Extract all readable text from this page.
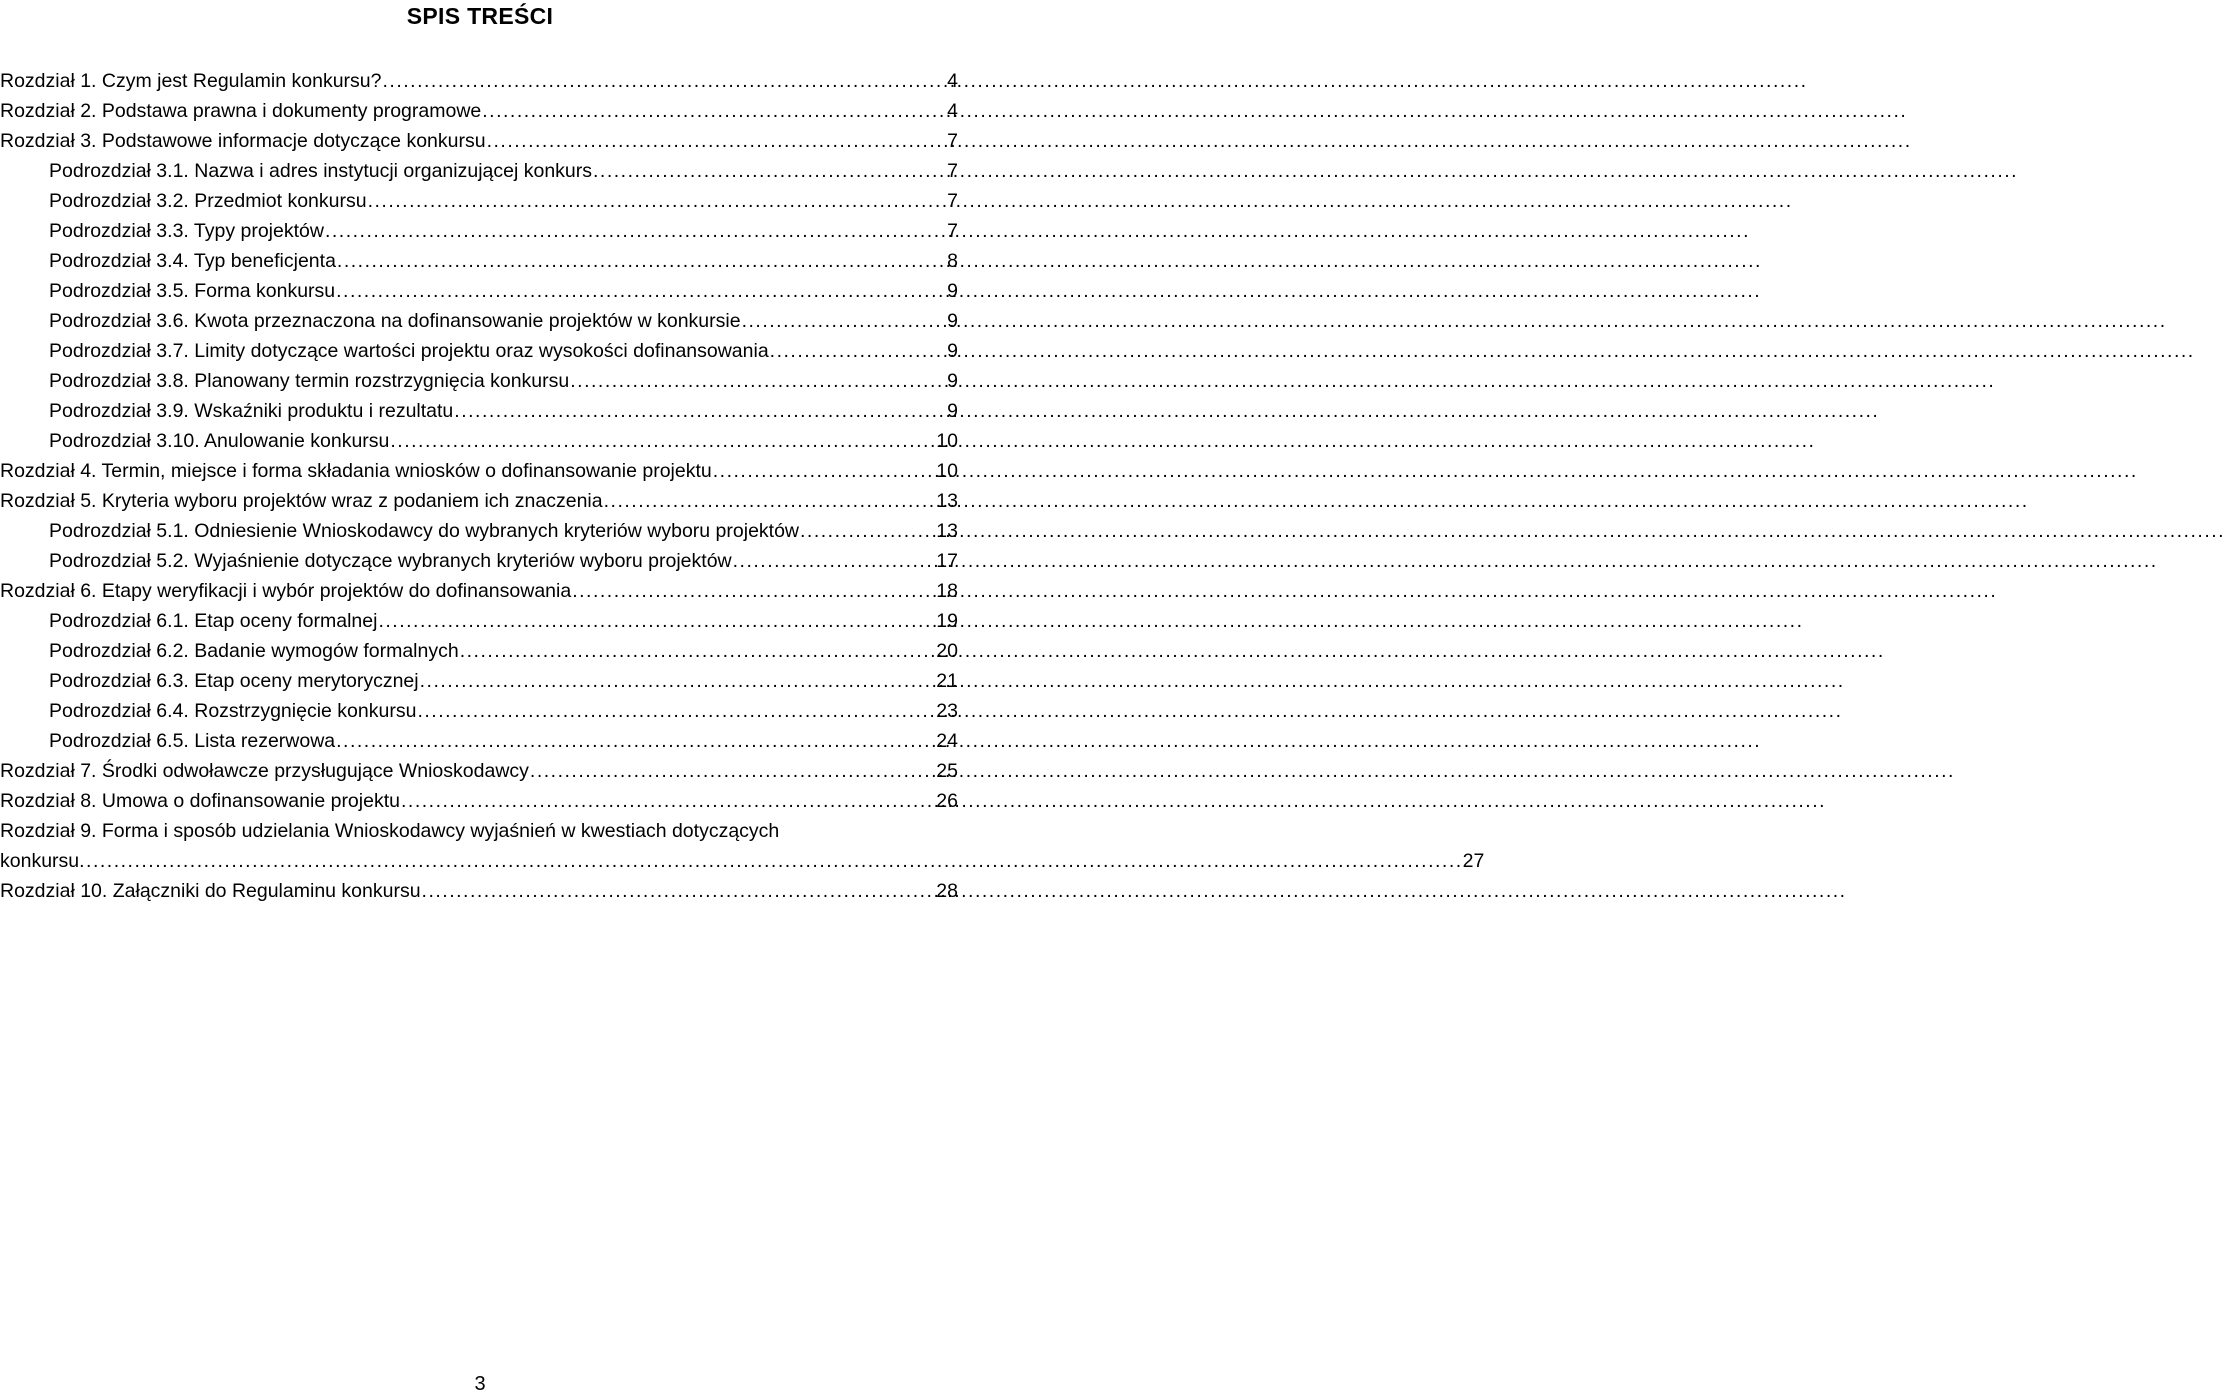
SPIS TREŚCI
Rozdział 1. Czym jest Regulamin konkursu? .....	4
Rozdział 2. Podstawa prawna i dokumenty programowe .....	4
Rozdział 3. Podstawowe informacje dotyczące konkursu .....	7
Podrozdział 3.1. Nazwa i adres instytucji organizującej konkurs .....	7
Podrozdział 3.2. Przedmiot konkursu .....	7
Podrozdział 3.3. Typy projektów .....	7
Podrozdział 3.4. Typ beneficjenta .....	8
Podrozdział 3.5. Forma konkursu .....	9
Podrozdział 3.6. Kwota przeznaczona na dofinansowanie projektów w konkursie .....	9
Podrozdział 3.7. Limity dotyczące wartości projektu oraz wysokości dofinansowania .....	9
Podrozdział 3.8. Planowany termin rozstrzygnięcia konkursu .....	9
Podrozdział 3.9. Wskaźniki produktu i rezultatu .....	9
Podrozdział 3.10. Anulowanie konkursu .....	10
Rozdział 4. Termin, miejsce i forma składania wniosków o dofinansowanie projektu .....	10
Rozdział 5. Kryteria wyboru projektów wraz z podaniem ich znaczenia .....	13
Podrozdział 5.1. Odniesienie Wnioskodawcy do wybranych kryteriów wyboru projektów .....	13
Podrozdział 5.2. Wyjaśnienie dotyczące wybranych kryteriów wyboru projektów .....	17
Rozdział 6. Etapy weryfikacji i wybór projektów do dofinansowania .....	18
Podrozdział 6.1. Etap oceny formalnej .....	19
Podrozdział 6.2. Badanie wymogów formalnych .....	20
Podrozdział 6.3. Etap oceny merytorycznej .....	21
Podrozdział 6.4. Rozstrzygnięcie konkursu .....	23
Podrozdział 6.5. Lista rezerwowa .....	24
Rozdział 7. Środki odwoławcze przysługujące Wnioskodawcy .....	25
Rozdział 8. Umowa o dofinansowanie projektu .....	26
Rozdział 9. Forma i sposób udzielania Wnioskodawcy wyjaśnień w kwestiach dotyczących
konkursu ........................................................................................................................................................................................................ 27
Rozdział 10. Załączniki do Regulaminu konkursu .....	28
3
